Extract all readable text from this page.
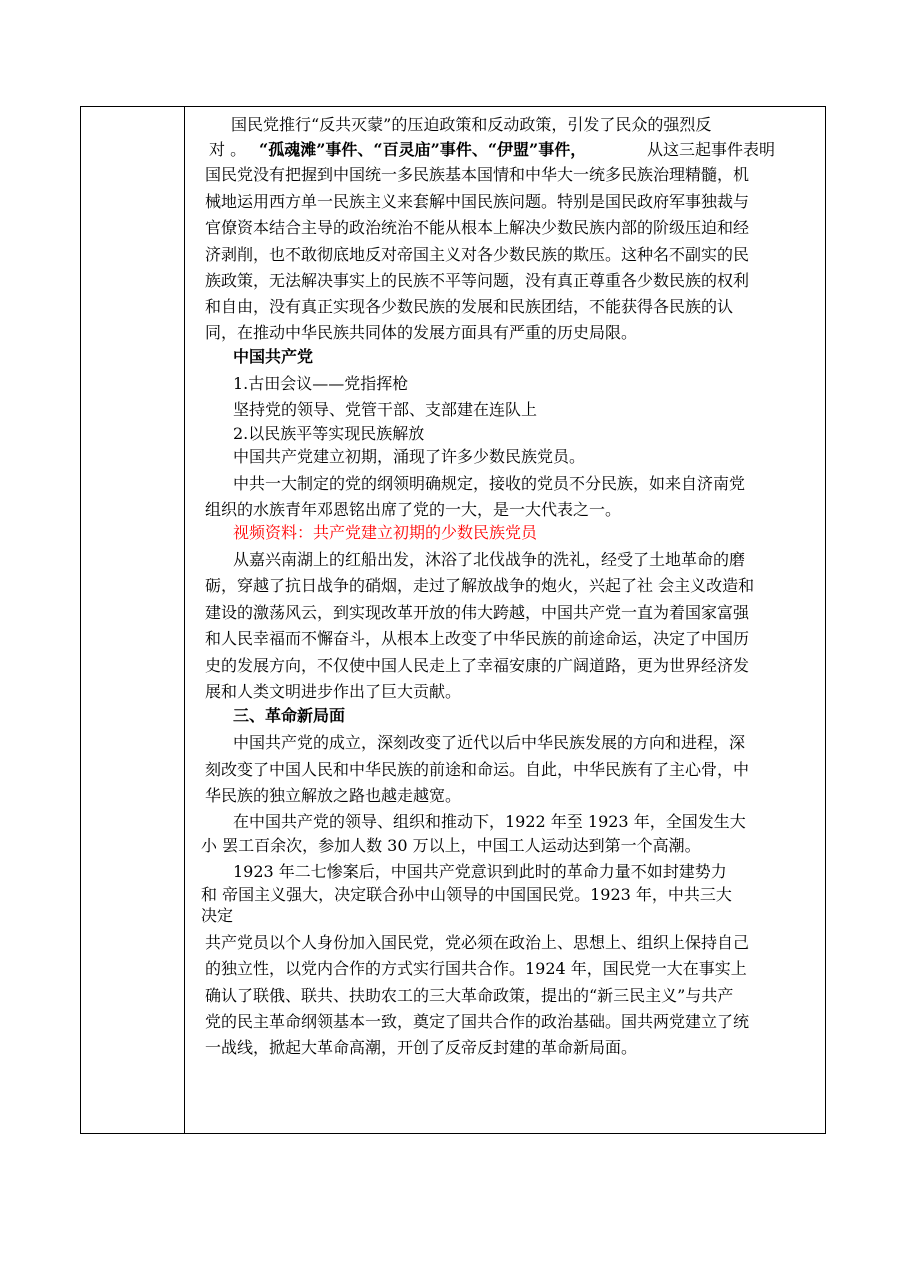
国民党推行“反共灭蒙”的压迫政策和反动政策，引发了民众的强烈反
对 。 “孤魂滩”事件、“百灵庙”事件、“伊盟”事件，	从这三起事件表明
国民党没有把握到中国统一多民族基本国情和中华大一统多民族治理精髓，机
械地运用西方单一民族主义来套解中国民族问题。特别是国民政府军事独裁与
官僚资本结合主导的政治统治不能从根本上解决少数民族内部的阶级压迫和经
济剥削，也不敢彻底地反对帝国主义对各少数民族的欺压。这种名不副实的民
族政策，无法解决事实上的民族不平等问题，没有真正尊重各少数民族的权利
和自由，没有真正实现各少数民族的发展和民族团结，不能获得各民族的认
同，在推动中华民族共同体的发展方面具有严重的历史局限。
中国共产党
1.古田会议——党指挥枪
坚持党的领导、党管干部、支部建在连队上
2.以民族平等实现民族解放
中国共产党建立初期，涌现了许多少数民族党员。
中共一大制定的党的纲领明确规定，接收的党员不分民族，如来自济南党
组织的水族青年邓恩铭出席了党的一大，是一大代表之一。
视频资料：共产党建立初期的少数民族党员
从嘉兴南湖上的红船出发，沐浴了北伐战争的洗礼，经受了土地革命的磨
砺，穿越了抗日战争的硝烟，走过了解放战争的炮火，兴起了社 会主义改造和
建设的激荡风云，到实现改革开放的伟大跨越，中国共产党一直为着国家富强
和人民幸福而不懈奋斗，从根本上改变了中华民族的前途命运，决定了中国历
史的发展方向，不仅使中国人民走上了幸福安康的广阔道路，更为世界经济发
展和人类文明进步作出了巨大贡献。
三、革命新局面
中国共产党的成立，深刻改变了近代以后中华民族发展的方向和进程，深
刻改变了中国人民和中华民族的前途和命运。自此，中华民族有了主心骨，中
华民族的独立解放之路也越走越宽。
在中国共产党的领导、组织和推动下，1922 年至 1923 年，全国发生大
小 罢工百余次，参加人数 30 万以上，中国工人运动达到第一个高潮。
1923 年二七惨案后，中国共产党意识到此时的革命力量不如封建势力
和 帝国主义强大，决定联合孙中山领导的中国国民党。1923 年，中共三大
决定
共产党员以个人身份加入国民党，党必须在政治上、思想上、组织上保持自己
的独立性，以党内合作的方式实行国共合作。1924 年，国民党一大在事实上
确认了联俄、联共、扶助农工的三大革命政策，提出的“新三民主义”与共产
党的民主革命纲领基本一致，奠定了国共合作的政治基础。国共两党建立了统
一战线，掀起大革命高潮，开创了反帝反封建的革命新局面。
